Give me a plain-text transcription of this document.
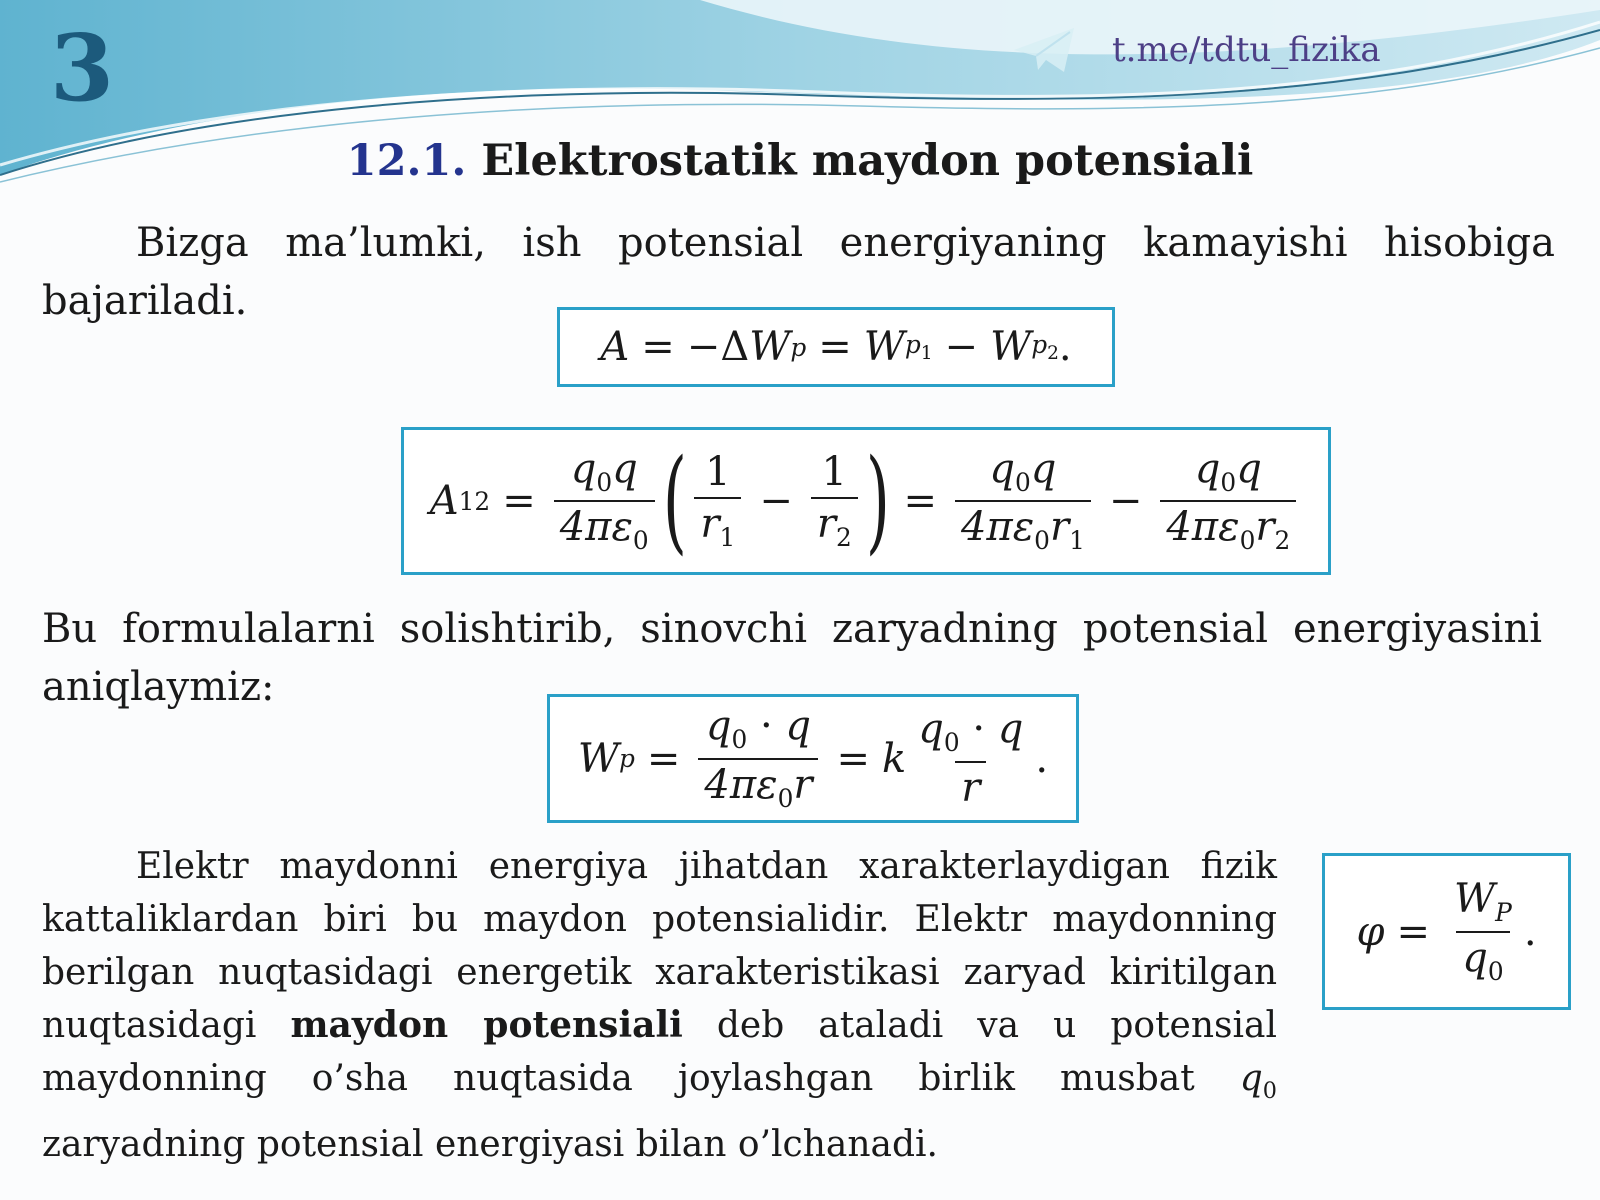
3	t.me/tdtu_fizika
12.1. Elektrostatik maydon potensiali

Bizga ma’lumki, ish potensial energiyaning kamayishi hisobiga bajariladi.

A = −Δ W p = W $p_1 - W$ $p_2$ .
A $12 = \frac{q_0q}{4\pi\varepsilon_0}$ ( $\frac{1}{r_1} - \frac{1}{r_2}$ ) = $\frac{q_0q}{4\pi\varepsilon_0r_1} - \frac{q_0q}{4\pi\varepsilon_0r_2}$

Bu formulalarni solishtirib, sinovchi zaryadning potensial energiyasini aniqlaymiz:

W $p = \frac{q_0 \cdot q}{4\pi\varepsilon_0r} = k \frac{q_0 \cdot q}{r}$ .

Elektr maydonni energiya jihatdan xarakterlaydigan fizik kattaliklardan biri bu maydon potensialidir. Elektr maydonning berilgan nuqtasidagi energetik xarakteristikasi zaryad kiritilgan nuqtasidagi maydon potensiali deb ataladi va u potensial maydonning o’sha nuqtasida joylashgan birlik musbat $q_0$ zaryadning potensial energiyasi bilan o’lchanadi.

$\varphi = \frac{W_P}{q_0}$ .
